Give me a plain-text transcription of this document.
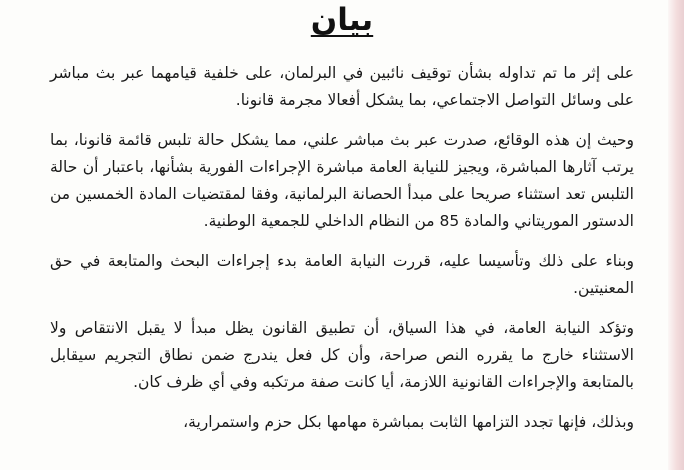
بيان

على إثر ما تم تداوله بشأن توقيف نائبين في البرلمان، على خلفية قيامهما عبر بث مباشر على وسائل التواصل الاجتماعي، بما يشكل أفعالا مجرمة قانونا.

وحيث إن هذه الوقائع، صدرت عبر بث مباشر علني، مما يشكل حالة تلبس قائمة قانونا، بما يرتب آثارها المباشرة، ويجيز للنيابة العامة مباشرة الإجراءات الفورية بشأنها، باعتبار أن حالة التلبس تعد استثناء صريحا على مبدأ الحصانة البرلمانية، وفقا لمقتضيات المادة الخمسين من الدستور الموريتاني والمادة 85 من النظام الداخلي للجمعية الوطنية.

وبناء على ذلك وتأسيسا عليه، قررت النيابة العامة بدء إجراءات البحث والمتابعة في حق المعنيتين.

وتؤكد النيابة العامة، في هذا السياق، أن تطبيق القانون يظل مبدأ لا يقبل الانتقاص ولا الاستثناء خارج ما يقرره النص صراحة، وأن كل فعل يندرج ضمن نطاق التجريم سيقابل بالمتابعة والإجراءات القانونية اللازمة، أيا كانت صفة مرتكبه وفي أي ظرف كان.

وبذلك، فإنها تجدد التزامها الثابت بمباشرة مهامها بكل حزم واستمرارية،
